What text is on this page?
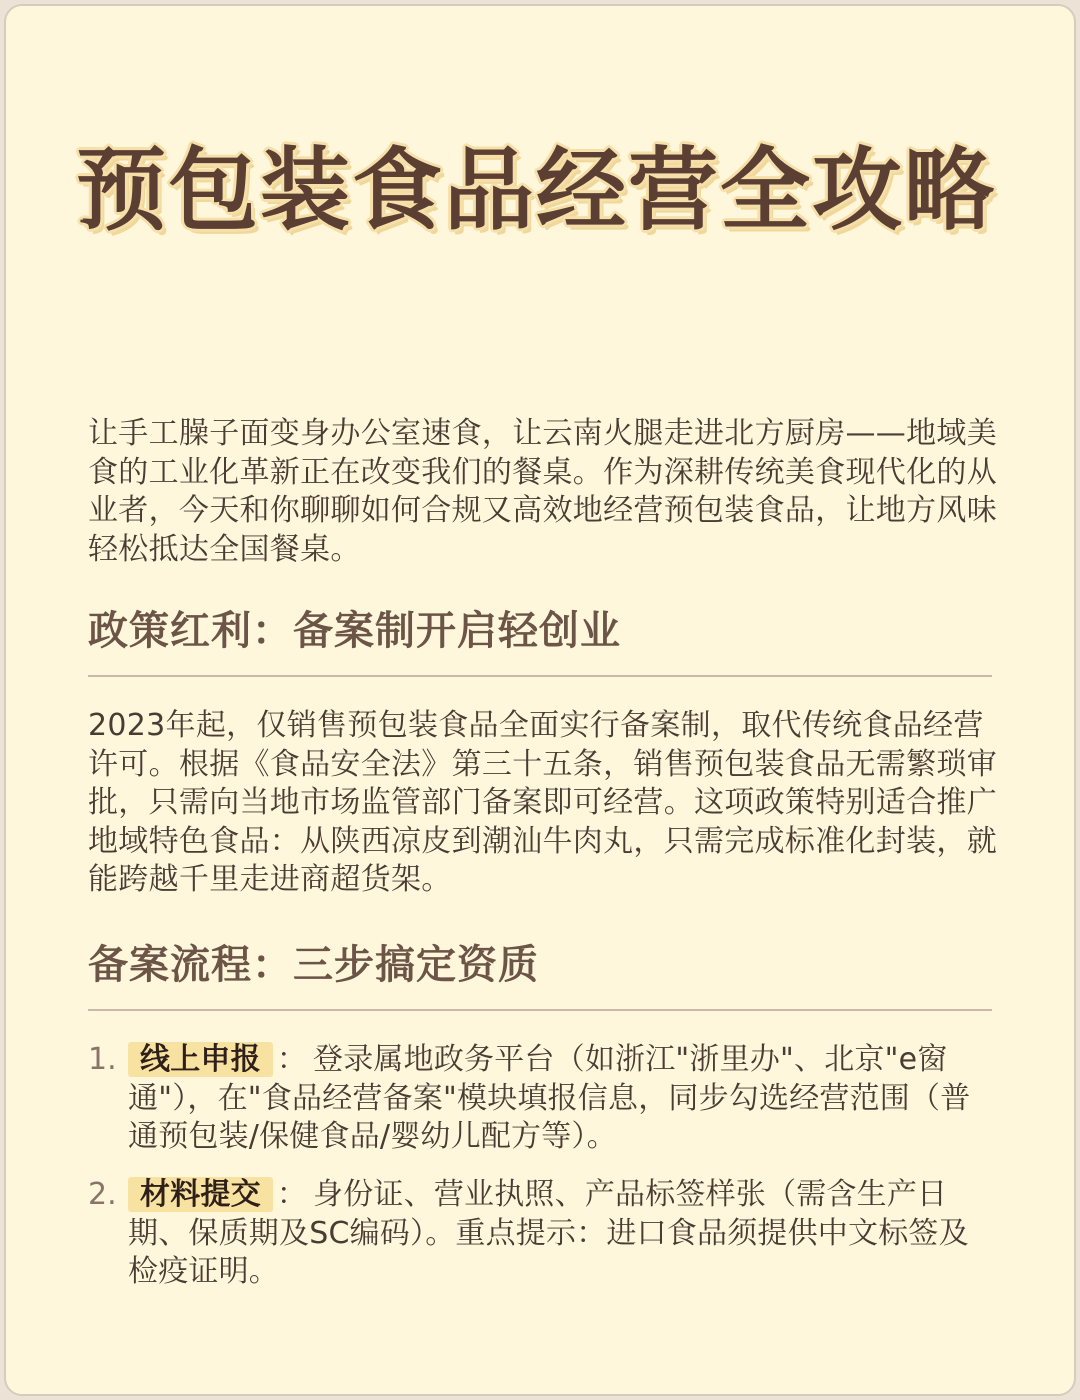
预包装食品经营全攻略

让手工臊子面变身办公室速食，让云南火腿走进北方厨房——地域美食的工业化革新正在改变我们的餐桌。作为深耕传统美食现代化的从业者，今天和你聊聊如何合规又高效地经营预包装食品，让地方风味轻松抵达全国餐桌。

政策红利：备案制开启轻创业

2023年起，仅销售预包装食品全面实行备案制，取代传统食品经营许可。根据《食品安全法》第三十五条，销售预包装食品无需繁琐审批，只需向当地市场监管部门备案即可经营。这项政策特别适合推广地域特色食品：从陕西凉皮到潮汕牛肉丸，只需完成标准化封装，就能跨越千里走进商超货架。

备案流程：三步搞定资质
1. 线上申报 ： 登录属地政务平台（如浙江"浙里办"、北京"e窗通"），在"食品经营备案"模块填报信息，同步勾选经营范围（普通预包装/保健食品/婴幼儿配方等）。

2. 材料提交 ： 身份证、营业执照、产品标签样张（需含生产日期、保质期及SC编码）。重点提示：进口食品须提供中文标签及检疫证明。
